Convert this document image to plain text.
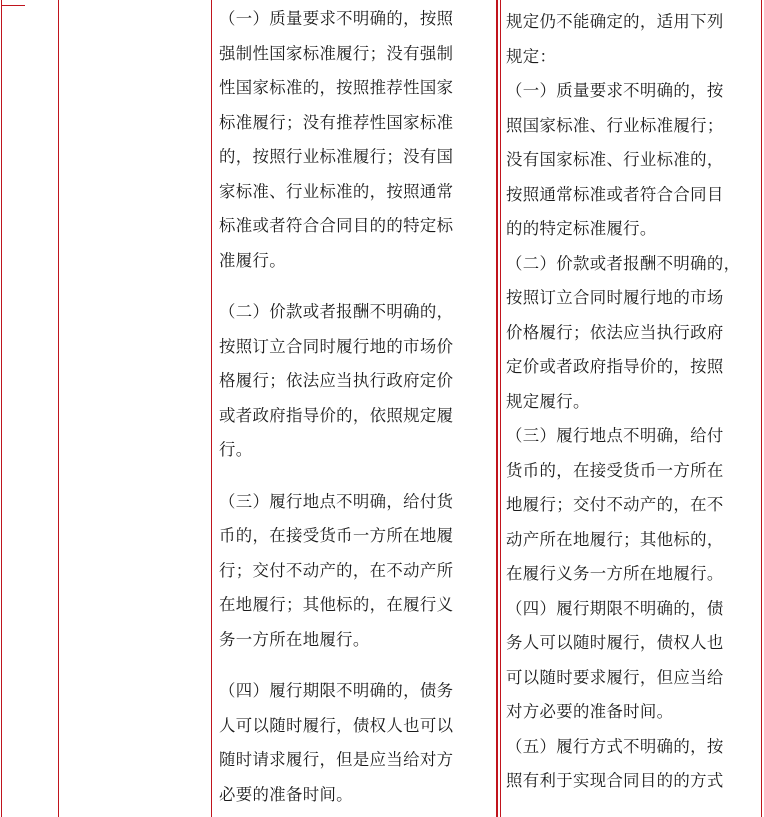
（一）质量要求不明确的，按照
强制性国家标准履行；没有强制
性国家标准的，按照推荐性国家
标准履行；没有推荐性国家标准
的，按照行业标准履行；没有国
家标准、行业标准的，按照通常
标准或者符合合同目的的特定标
准履行。
（二）价款或者报酬不明确的，
按照订立合同时履行地的市场价
格履行；依法应当执行政府定价
或者政府指导价的，依照规定履
行。
（三）履行地点不明确，给付货
币的，在接受货币一方所在地履
行；交付不动产的，在不动产所
在地履行；其他标的，在履行义
务一方所在地履行。
（四）履行期限不明确的，债务
人可以随时履行，债权人也可以
随时请求履行，但是应当给对方
必要的准备时间。
规定仍不能确定的，适用下列
规定：
（一）质量要求不明确的，按
照国家标准、行业标准履行；
没有国家标准、行业标准的，
按照通常标准或者符合合同目
的的特定标准履行。
（二）价款或者报酬不明确的，
按照订立合同时履行地的市场
价格履行；依法应当执行政府
定价或者政府指导价的，按照
规定履行。
（三）履行地点不明确，给付
货币的，在接受货币一方所在
地履行；交付不动产的，在不
动产所在地履行；其他标的，
在履行义务一方所在地履行。
（四）履行期限不明确的，债
务人可以随时履行，债权人也
可以随时要求履行，但应当给
对方必要的准备时间。
（五）履行方式不明确的，按
照有利于实现合同目的的方式
